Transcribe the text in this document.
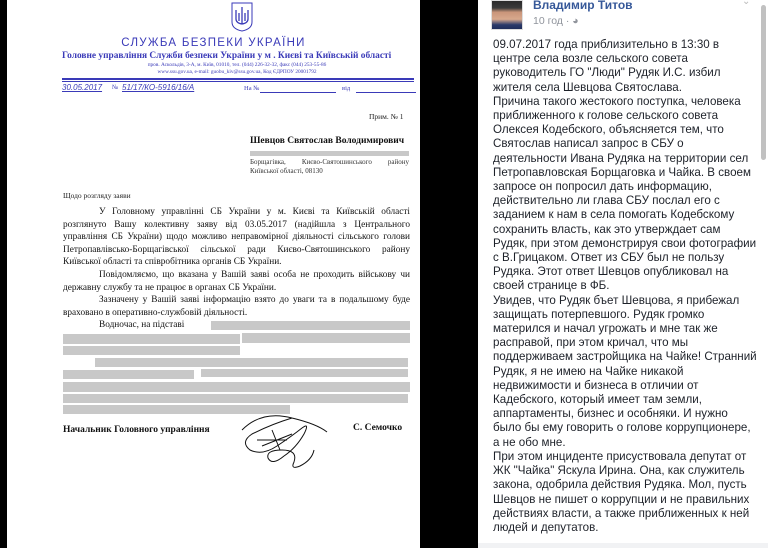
СЛУЖБА БЕЗПЕКИ УКРАЇНИ
Головне управління Служби безпеки України у м . Києві та Київській області
пров. Аскольдів, 3-А, м. Київ, 01010, тел. (044) 226-32-32, факс (044) 253-55-86
www.ssu.gov.ua, e-mail: guobu_kiv@ssu.gov.ua, Код ЄДРПОУ 20001792
30.05.2017 № 51/17/КО-5916/16/А	На №	від
Прим. № 1
Шевцов Святослав Володимирович
Борщагівка, Києво-Святошинського району
Київської області, 08130
Щодо розгляду заяви

У Головному управлінні СБ України у м. Києві та Київській області розглянуто Вашу колективну заяву від 03.05.2017 (надійшла з Центрального управління СБ України) щодо можливо неправомірної діяльності сільського голови Петропавлівсько-Борщагівської сільської ради Києво-Святошинського району Київської області та співробітника органів СБ України.

Повідомляємо, що вказана у Вашій заяві особа не проходить військову чи державну службу та не працює в органах СБ України.

Зазначену у Вашій заяві інформацію взято до уваги та в подальшому буде враховано в оперативно-службовій діяльності.

Водночас, на підставі
Начальник Головного управління	С. Семочко
Владимир Титов
10 год · ◕
⌄

09.07.2017 года приблизительно в 13:30 в центре села возле сельского совета руководитель ГО "Люди" Рудяк И.С. избил жителя села Шевцова Святослава.

Причина такого жестокого поступка, человека приближенного к голове сельского совета Олексея Кодебского, объясняется тем, что Святослав написал запрос в СБУ о деятельности Ивана Рудяка на территории сел Петропавловская Борщаговка и Чайка. В своем запросе он попросил дать информацию, действительно ли глава СБУ послал его с заданием к нам в села помогать Кодебскому сохранить власть, как это утверждает сам Рудяк, при этом демонстрируя свои фотографии с В.Грицаком. Ответ из СБУ был не пользу Рудяка. Этот ответ Шевцов опубликовал на своей странице в ФБ.

Увидев, что Рудяк бъет Шевцова, я прибежал защищать потерпевшого. Рудяк громко матерился и начал угрожать и мне так же расправой, при этом кричал, что мы поддерживаем застройщика на Чайке! Странний Рудяк, я не имею на Чайке никакой недвижимости и бизнеса в отличии от Кадебского, который имеет там земли, аппартаменты, бизнес и особняки. И нужно было бы ему говорить о голове коррупционере, а не обо мне.

При этом инциденте присуствовала депутат от ЖК "Чайка" Яскула Ирина. Она, как служитель закона, одобрила действия Рудяка. Мол, пусть Шевцов не пишет о коррупции и не правильних действиях власти, а также приближенных к ней людей и депутатов.
